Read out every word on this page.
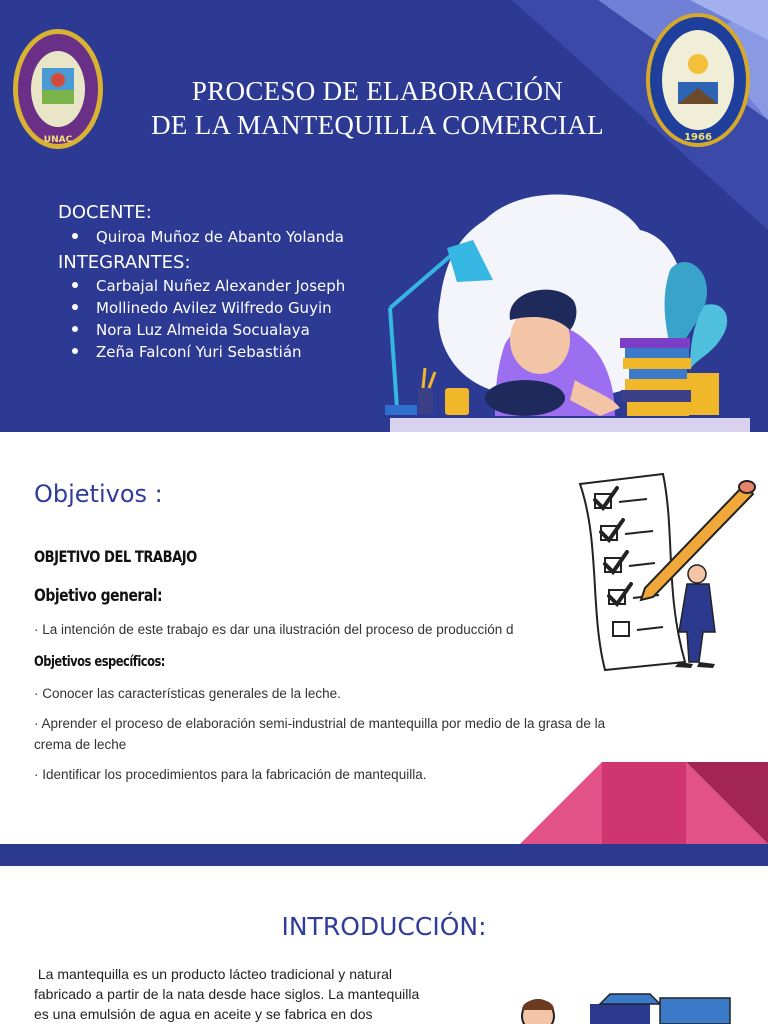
UNAC	1966
PROCESO DE ELABORACIÓN
DE LA MANTEQUILLA COMERCIAL
DOCENTE:
Quiroa Muñoz de Abanto Yolanda
INTEGRANTES:
Carbajal Nuñez Alexander Joseph
Mollinedo Avilez Wilfredo Guyin
Nora Luz Almeida Socualaya
Zeña Falconí Yuri Sebastián
Objetivos :
OBJETIVO DEL TRABAJO
Objetivo general:
· La intención de este trabajo es dar una ilustración del proceso de producción d
Objetivos específicos:
· Conocer las características generales de la leche.
· Aprender el proceso de elaboración semi-industrial de mantequilla por medio de la grasa de la
crema de leche
· Identificar los procedimientos para la fabricación de mantequilla.
INTRODUCCIÓN:
La mantequilla es un producto lácteo tradicional y natural
fabricado a partir de la nata desde hace siglos. La mantequilla
es una emulsión de agua en aceite y se fabrica en dos
